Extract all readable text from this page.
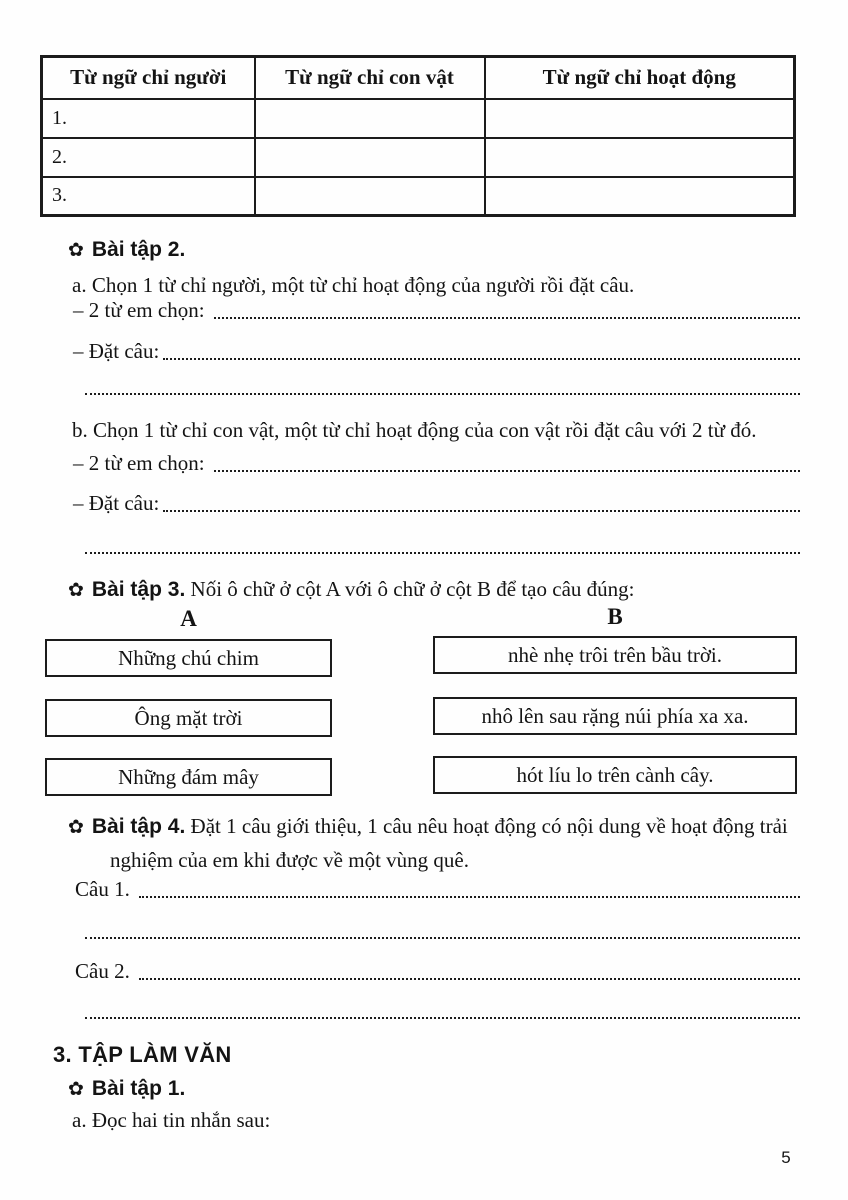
Từ ngữ chỉ người	Từ ngữ chỉ con vật	Từ ngữ chỉ hoạt động
1.		
2.		
3.		
✿ Bài tập 2.
a. Chọn 1 từ chỉ người, một từ chỉ hoạt động của người rồi đặt câu.
– 2 từ em chọn:
– Đặt câu:
b. Chọn 1 từ chỉ con vật, một từ chỉ hoạt động của con vật rồi đặt câu với 2 từ đó.
– 2 từ em chọn:
– Đặt câu:
✿ Bài tập 3. Nối ô chữ ở cột A với ô chữ ở cột B để tạo câu đúng:
A	B
Những chú chim	nhè nhẹ trôi trên bầu trời.
Ông mặt trời	nhô lên sau rặng núi phía xa xa.
Những đám mây	hót líu lo trên cành cây.
✿ Bài tập 4. Đặt 1 câu giới thiệu, 1 câu nêu hoạt động có nội dung về hoạt động trải nghiệm của em khi được về một vùng quê.
Câu 1.
Câu 2.
3. TẬP LÀM VĂN
✿ Bài tập 1.
a. Đọc hai tin nhắn sau:
5
